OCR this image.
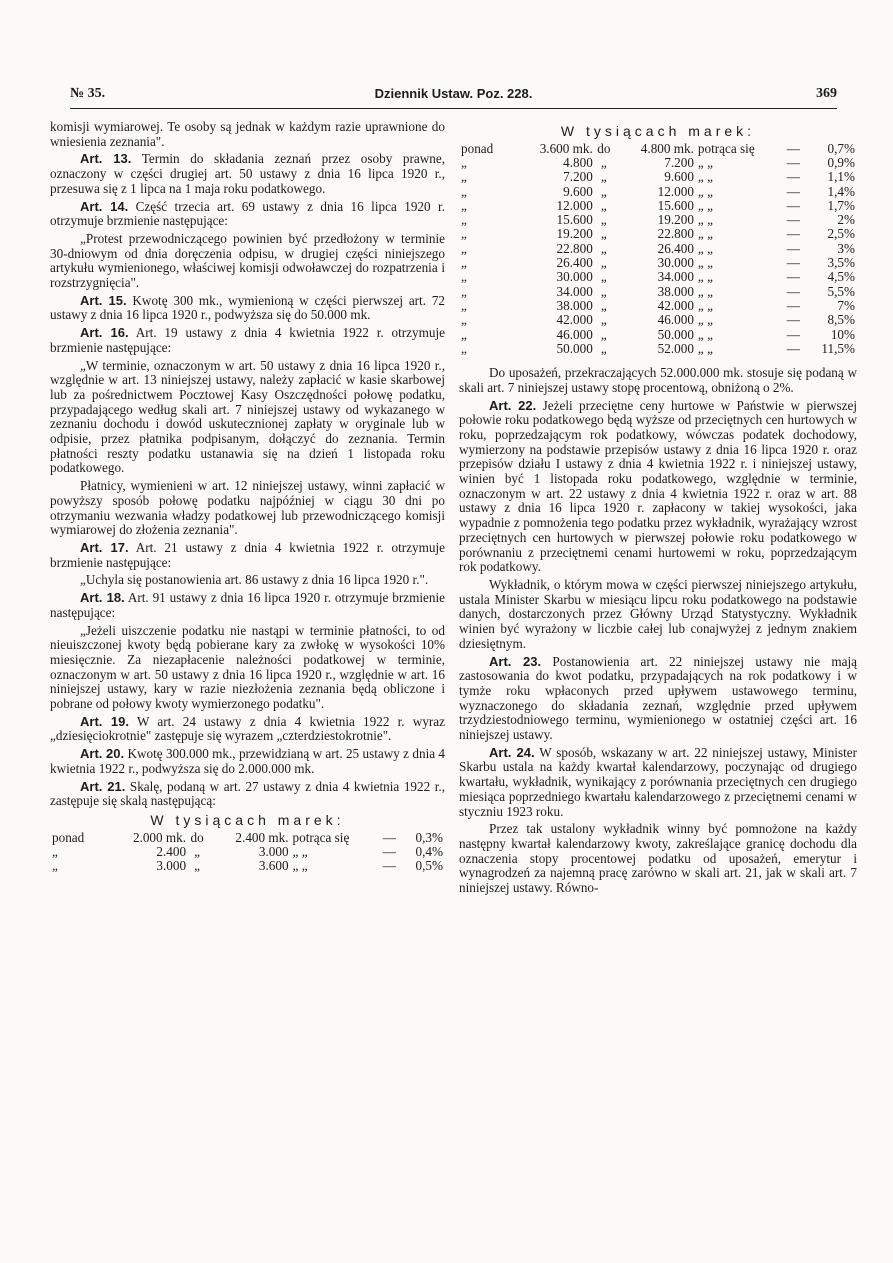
№ 35.	Dziennik Ustaw. Poz. 228.	369

komisji wymiarowej. Te osoby są jednak w każdym razie uprawnione do wniesienia zeznania".

Art. 13. Termin do składania zeznań przez osoby prawne, oznaczony w części drugiej art. 50 ustawy z dnia 16 lipca 1920 r., przesuwa się z 1 lipca na 1 maja roku podatkowego.

Art. 14. Część trzecia art. 69 ustawy z dnia 16 lipca 1920 r. otrzymuje brzmienie następujące:

„Protest przewodniczącego powinien być przedłożony w terminie 30-dniowym od dnia doręczenia odpisu, w drugiej części niniejszego artykułu wymienionego, właściwej komisji odwoławczej do rozpatrzenia i rozstrzygnięcia".

Art. 15. Kwotę 300 mk., wymienioną w części pierwszej art. 72 ustawy z dnia 16 lipca 1920 r., podwyższa się do 50.000 mk.

Art. 16. Art. 19 ustawy z dnia 4 kwietnia 1922 r. otrzymuje brzmienie następujące:

„W terminie, oznaczonym w art. 50 ustawy z dnia 16 lipca 1920 r., względnie w art. 13 niniejszej ustawy, należy zapłacić w kasie skarbowej lub za pośrednictwem Pocztowej Kasy Oszczędności połowę podatku, przypadającego według skali art. 7 niniejszej ustawy od wykazanego w zeznaniu dochodu i dowód uskutecznionej zapłaty w oryginale lub w odpisie, przez płatnika podpisanym, dołączyć do zeznania. Termin płatności reszty podatku ustanawia się na dzień 1 listopada roku podatkowego.

Płatnicy, wymienieni w art. 12 niniejszej ustawy, winni zapłacić w powyższy sposób połowę podatku najpóźniej w ciągu 30 dni po otrzymaniu wezwania władzy podatkowej lub przewodniczącego komisji wymiarowej do złożenia zeznania".

Art. 17. Art. 21 ustawy z dnia 4 kwietnia 1922 r. otrzymuje brzmienie następujące:

„Uchyla się postanowienia art. 86 ustawy z dnia 16 lipca 1920 r.".

Art. 18. Art. 91 ustawy z dnia 16 lipca 1920 r. otrzymuje brzmienie następujące:

„Jeżeli uiszczenie podatku nie nastąpi w terminie płatności, to od nieuiszczonej kwoty będą pobierane kary za zwłokę w wysokości 10% miesięcznie. Za niezapłacenie należności podatkowej w terminie, oznaczonym w art. 50 ustawy z dnia 16 lipca 1920 r., względnie w art. 16 niniejszej ustawy, kary w razie niezłożenia zeznania będą obliczone i pobrane od połowy kwoty wymierzonego podatku".

Art. 19. W art. 24 ustawy z dnia 4 kwietnia 1922 r. wyraz „dziesięciokrotnie" zastępuje się wyrazem „czterdziestokrotnie".

Art. 20. Kwotę 300.000 mk., przewidzianą w art. 25 ustawy z dnia 4 kwietnia 1922 r., podwyższa się do 2.000.000 mk.

Art. 21. Skalę, podaną w art. 27 ustawy z dnia 4 kwietnia 1922 r., zastępuje się skalą następującą:

W tysiącach marek:
ponad	2.000 mk.	do	2.400 mk.	potrąca się	—	0,3%
„	2.400	„	3.000	„ „	—	0,4%
„	3.000	„	3.600	„ „	—	0,5%
W tysiącach marek:
ponad	3.600 mk.	do	4.800 mk.	potrąca się	—	0,7%
„	4.800	„	7.200	„ „	—	0,9%
„	7.200	„	9.600	„ „	—	1,1%
„	9.600	„	12.000	„ „	—	1,4%
„	12.000	„	15.600	„ „	—	1,7%
„	15.600	„	19.200	„ „	—	2%
„	19.200	„	22.800	„ „	—	2,5%
„	22.800	„	26.400	„ „	—	3%
„	26.400	„	30.000	„ „	—	3,5%
„	30.000	„	34.000	„ „	—	4,5%
„	34.000	„	38.000	„ „	—	5,5%
„	38.000	„	42.000	„ „	—	7%
„	42.000	„	46.000	„ „	—	8,5%
„	46.000	„	50.000	„ „	—	10%
„	50.000	„	52.000	„ „	—	11,5%

Do uposażeń, przekraczających 52.000.000 mk. stosuje się podaną w skali art. 7 niniejszej ustawy stopę procentową, obniżoną o 2%.

Art. 22. Jeżeli przeciętne ceny hurtowe w Państwie w pierwszej połowie roku podatkowego będą wyższe od przeciętnych cen hurtowych w roku, poprzedzającym rok podatkowy, wówczas podatek dochodowy, wymierzony na podstawie przepisów ustawy z dnia 16 lipca 1920 r. oraz przepisów działu I ustawy z dnia 4 kwietnia 1922 r. i niniejszej ustawy, winien być 1 listopada roku podatkowego, względnie w terminie, oznaczonym w art. 22 ustawy z dnia 4 kwietnia 1922 r. oraz w art. 88 ustawy z dnia 16 lipca 1920 r. zapłacony w takiej wysokości, jaka wypadnie z pomnożenia tego podatku przez wykładnik, wyrażający wzrost przeciętnych cen hurtowych w pierwszej połowie roku podatkowego w porównaniu z przeciętnemi cenami hurtowemi w roku, poprzedzającym rok podatkowy.

Wykładnik, o którym mowa w części pierwszej niniejszego artykułu, ustala Minister Skarbu w miesiącu lipcu roku podatkowego na podstawie danych, dostarczonych przez Główny Urząd Statystyczny. Wykładnik winien być wyrażony w liczbie całej lub conajwyżej z jednym znakiem dziesiętnym.

Art. 23. Postanowienia art. 22 niniejszej ustawy nie mają zastosowania do kwot podatku, przypadających na rok podatkowy i w tymże roku wpłaconych przed upływem ustawowego terminu, wyznaczonego do składania zeznań, względnie przed upływem trzydziestodniowego terminu, wymienionego w ostatniej części art. 16 niniejszej ustawy.

Art. 24. W sposób, wskazany w art. 22 niniejszej ustawy, Minister Skarbu ustala na każdy kwartał kalendarzowy, poczynając od drugiego kwartału, wykładnik, wynikający z porównania przeciętnych cen drugiego miesiąca poprzedniego kwartału kalendarzowego z przeciętnemi cenami w styczniu 1923 roku.

Przez tak ustalony wykładnik winny być pomnożone na każdy następny kwartał kalendarzowy kwoty, zakreślające granicę dochodu dla oznaczenia stopy procentowej podatku od uposażeń, emerytur i wynagrodzeń za najemną pracę zarówno w skali art. 21, jak w skali art. 7 niniejszej ustawy. Równo-
